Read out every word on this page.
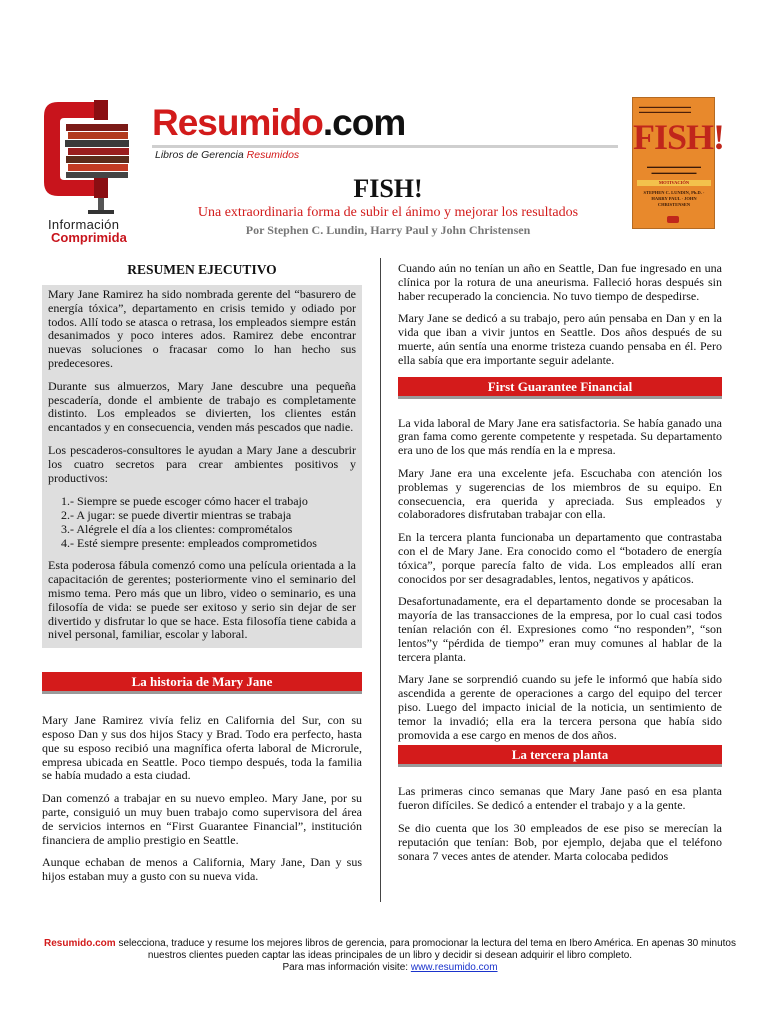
Información
Comprimida
Resumido.com
Libros de Gerencia Resumidos
FISH!
Una extraordinaria forma de subir el ánimo y mejorar los resultados
Por Stephen C. Lundin, Harry Paul y John Christensen
▬▬▬▬▬▬▬▬▬▬▬▬▬ ▬▬▬▬▬▬▬▬▬▬▬▬▬
FISH!
▬▬▬▬▬▬▬▬▬▬▬▬
▬▬▬▬▬▬▬▬▬▬
MOTIVACIÓN
STEPHEN C. LUNDIN, Ph.D. · HARRY PAUL · JOHN CHRISTENSEN
RESUMEN EJECUTIVO

Mary Jane Ramirez ha sido nombrada gerente del “basurero de energía tóxica”, departamento en crisis temido y odiado por todos. Allí todo se atasca o retrasa, los empleados siempre están desanimados y poco interes ados. Ramirez debe encontrar nuevas soluciones o fracasar como lo han hecho sus predecesores.

Durante sus almuerzos, Mary Jane descubre una pequeña pescadería, donde el ambiente de trabajo es completamente distinto. Los empleados se divierten, los clientes están encantados y en consecuencia, venden más pescados que nadie.

Los pescaderos-consultores le ayudan a Mary Jane a descubrir los cuatro secretos para crear ambientes positivos y productivos:

1.- Siempre se puede escoger cómo hacer el trabajo
2.- A jugar: se puede divertir mientras se trabaja
3.- Alégrele el día a los clientes: comprométalos
4.- Esté siempre presente: empleados comprometidos

Esta poderosa fábula comenzó como una película orientada a la capacitación de gerentes; posteriormente vino el seminario del mismo tema. Pero más que un libro, video o seminario, es una filosofía de vida: se puede ser exitoso y serio sin dejar de ser divertido y disfrutar lo que se hace. Esta filosofía tiene cabida a nivel personal, familiar, escolar y laboral.

La historia de Mary Jane

Mary Jane Ramirez vivía feliz en California del Sur, con su esposo Dan y sus dos hijos Stacy y Brad. Todo era perfecto, hasta que su esposo recibió una magnífica oferta laboral de Microrule, empresa ubicada en Seattle. Poco tiempo después, toda la familia se había mudado a esta ciudad.

Dan comenzó a trabajar en su nuevo empleo. Mary Jane, por su parte, consiguió un muy buen trabajo como supervisora del área de servicios internos en “First Guarantee Financial”, institución financiera de amplio prestigio en Seattle.

Aunque echaban de menos a California, Mary Jane, Dan y sus hijos estaban muy a gusto con su nueva vida.

Cuando aún no tenían un año en Seattle, Dan fue ingresado en una clínica por la rotura de una aneurisma. Falleció horas después sin haber recuperado la conciencia. No tuvo tiempo de despedirse.

Mary Jane se dedicó a su trabajo, pero aún pensaba en Dan y en la vida que iban a vivir juntos en Seattle. Dos años después de su muerte, aún sentía una enorme tristeza cuando pensaba en él. Pero ella sabía que era importante seguir adelante.

First Guarantee Financial

La vida laboral de Mary Jane era satisfactoria. Se había ganado una gran fama como gerente competente y respetada. Su departamento era uno de los que más rendía en la e mpresa.

Mary Jane era una excelente jefa. Escuchaba con atención los problemas y sugerencias de los miembros de su equipo. En consecuencia, era querida y apreciada. Sus empleados y colaboradores disfrutaban trabajar con ella.

En la tercera planta funcionaba un departamento que contrastaba con el de Mary Jane. Era conocido como el “botadero de energía tóxica”, porque parecía falto de vida. Los empleados allí eran conocidos por ser desagradables, lentos, negativos y apáticos.

Desafortunadamente, era el departamento donde se procesaban la mayoría de las transacciones de la empresa, por lo cual casi todos tenían relación con él. Expresiones como “no responden”, “son lentos”y “pérdida de tiempo” eran muy comunes al hablar de la tercera planta.

Mary Jane se sorprendió cuando su jefe le informó que había sido ascendida a gerente de operaciones a cargo del equipo del tercer piso. Luego del impacto inicial de la noticia, un sentimiento de temor la invadió; ella era la tercera persona que había sido promovida a ese cargo en menos de dos años.

La tercera planta

Las primeras cinco semanas que Mary Jane pasó en esa planta fueron difíciles. Se dedicó a entender el trabajo y a la gente.

Se dio cuenta que los 30 empleados de ese piso se merecían la reputación que tenían: Bob, por ejemplo, dejaba que el teléfono sonara 7 veces antes de atender. Marta colocaba pedidos

Resumido.com selecciona, traduce y resume los mejores libros de gerencia, para promocionar la lectura del tema en Ibero América. En apenas 30 minutos nuestros clientes pueden captar las ideas principales de un libro y decidir si desean adquirir el libro completo.
Para mas información visite: www.resumido.com
